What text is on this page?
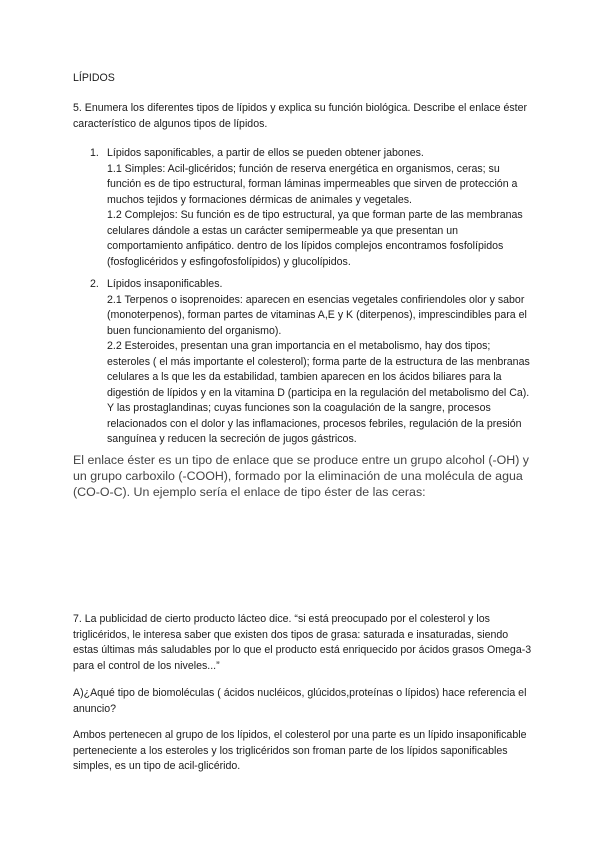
LÍPIDOS

5. Enumera los diferentes tipos de lípidos y explica su función biológica. Describe el enlace éster característico de algunos tipos de lípidos.

1. Lípidos saponificables, a partir de ellos se pueden obtener jabones.
1.1 Simples: Acil-glicéridos; función de reserva energética en organismos, ceras; su función es de tipo estructural, forman láminas impermeables que sirven de protección a muchos tejidos y formaciones dérmicas de animales y vegetales.
1.2 Complejos: Su función es de tipo estructural, ya que forman parte de las membranas celulares dándole a estas un carácter semipermeable ya que presentan un comportamiento anfipático. dentro de los lípidos complejos encontramos fosfolípidos (fosfoglicéridos y esfingofosfolípidos) y glucolípidos.
2. Lípidos insaponificables.
2.1 Terpenos o isoprenoides: aparecen en esencias vegetales confiriendoles olor y sabor (monoterpenos), forman partes de vitaminas A,E y K (diterpenos), imprescindibles para el buen funcionamiento del organismo).
2.2 Esteroides, presentan una gran importancia en el metabolismo, hay dos tipos; esteroles ( el más importante el colesterol); forma parte de la estructura de las menbranas celulares a ls que les da estabilidad, tambien aparecen en los ácidos biliares para la digestión de lípidos y en la vitamina D (participa en la regulación del metabolismo del Ca). Y las prostaglandinas; cuyas funciones son la coagulación de la sangre, procesos relacionados con el dolor y las inflamaciones, procesos febriles, regulación de la presión sanguínea y reducen la secreción de jugos gástricos.

El enlace éster es un tipo de enlace que se produce entre un grupo alcohol (-OH) y un grupo carboxilo (-COOH), formado por la eliminación de una molécula de agua (CO-O-C). Un ejemplo sería el enlace de tipo éster de las ceras:

7. La publicidad de cierto producto lácteo dice. “si está preocupado por el colesterol y los triglicéridos, le interesa saber que existen dos tipos de grasa: saturada e insaturadas, siendo estas últimas más saludables por lo que el producto está enriquecido por ácidos grasos Omega-3 para el control de los niveles...”

A)¿Aqué tipo de biomoléculas ( ácidos nucléicos, glúcidos,proteínas o lípidos) hace referencia el anuncio?

Ambos pertenecen al grupo de los lípidos, el colesterol por una parte es un lípido insaponificable perteneciente a los esteroles y los triglicéridos son froman parte de los lípidos saponificables simples, es un tipo de acil-glicérido.
